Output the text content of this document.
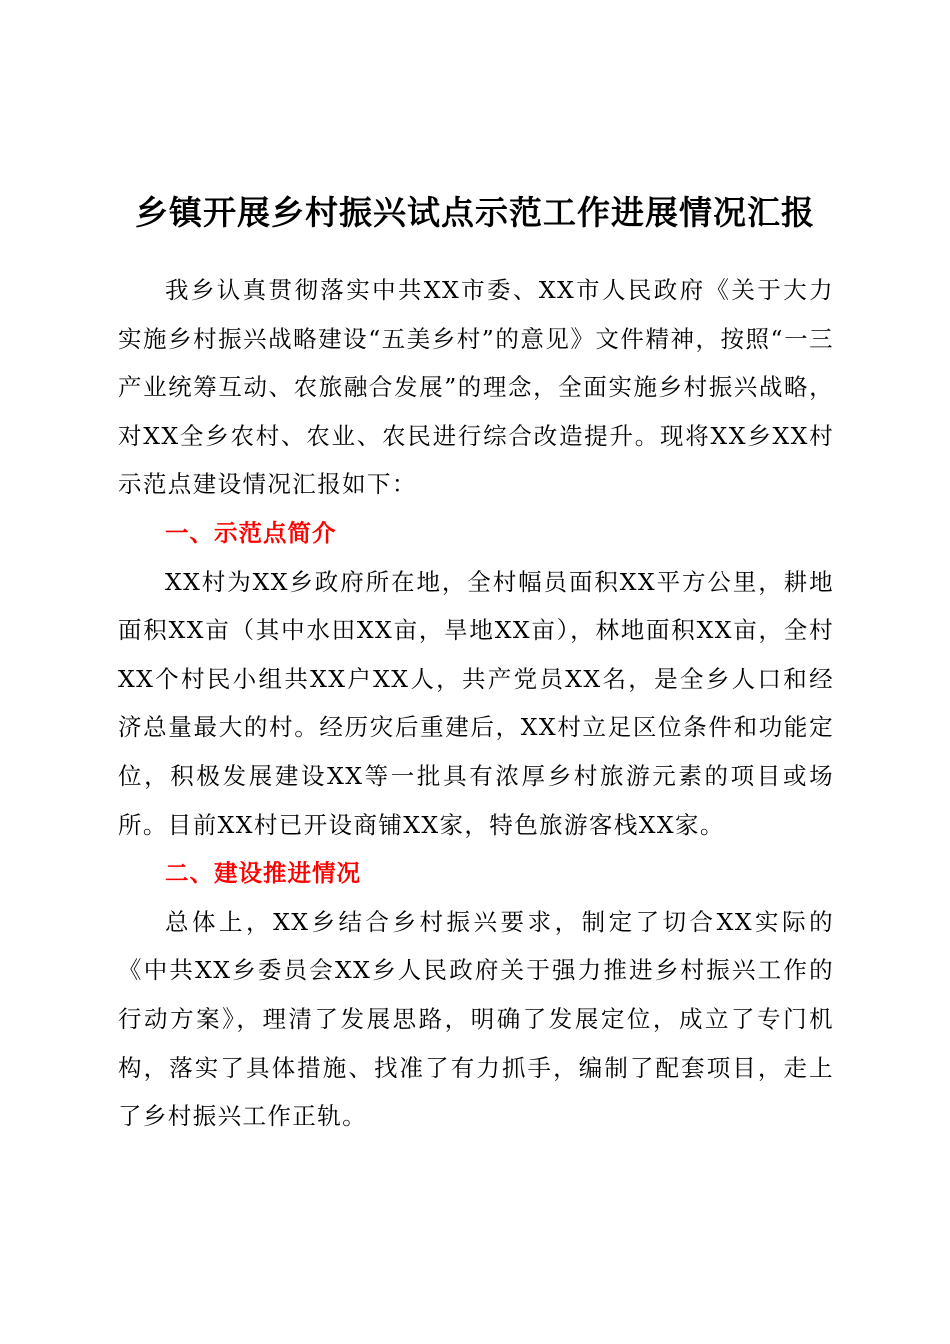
乡镇开展乡村振兴试点示范工作进展情况汇报

我乡认真贯彻落实中共XX市委、XX市人民政府《关于大力实施乡村振兴战略建设“五美乡村”的意见》文件精神，按照“一三产业统筹互动、农旅融合发展”的理念，全面实施乡村振兴战略，对XX全乡农村、农业、农民进行综合改造提升。现将XX乡XX村示范点建设情况汇报如下：

一、示范点简介

XX村为XX乡政府所在地，全村幅员面积XX平方公里，耕地面积XX亩（其中水田XX亩，旱地XX亩），林地面积XX亩，全村XX个村民小组共XX户XX人，共产党员XX名，是全乡人口和经济总量最大的村。经历灾后重建后，XX村立足区位条件和功能定位，积极发展建设XX等一批具有浓厚乡村旅游元素的项目或场所。目前XX村已开设商铺XX家，特色旅游客栈XX家。

二、建设推进情况

总体上，XX乡结合乡村振兴要求，制定了切合XX实际的《中共XX乡委员会XX乡人民政府关于强力推进乡村振兴工作的行动方案》，理清了发展思路，明确了发展定位，成立了专门机构，落实了具体措施、找准了有力抓手，编制了配套项目，走上了乡村振兴工作正轨。
